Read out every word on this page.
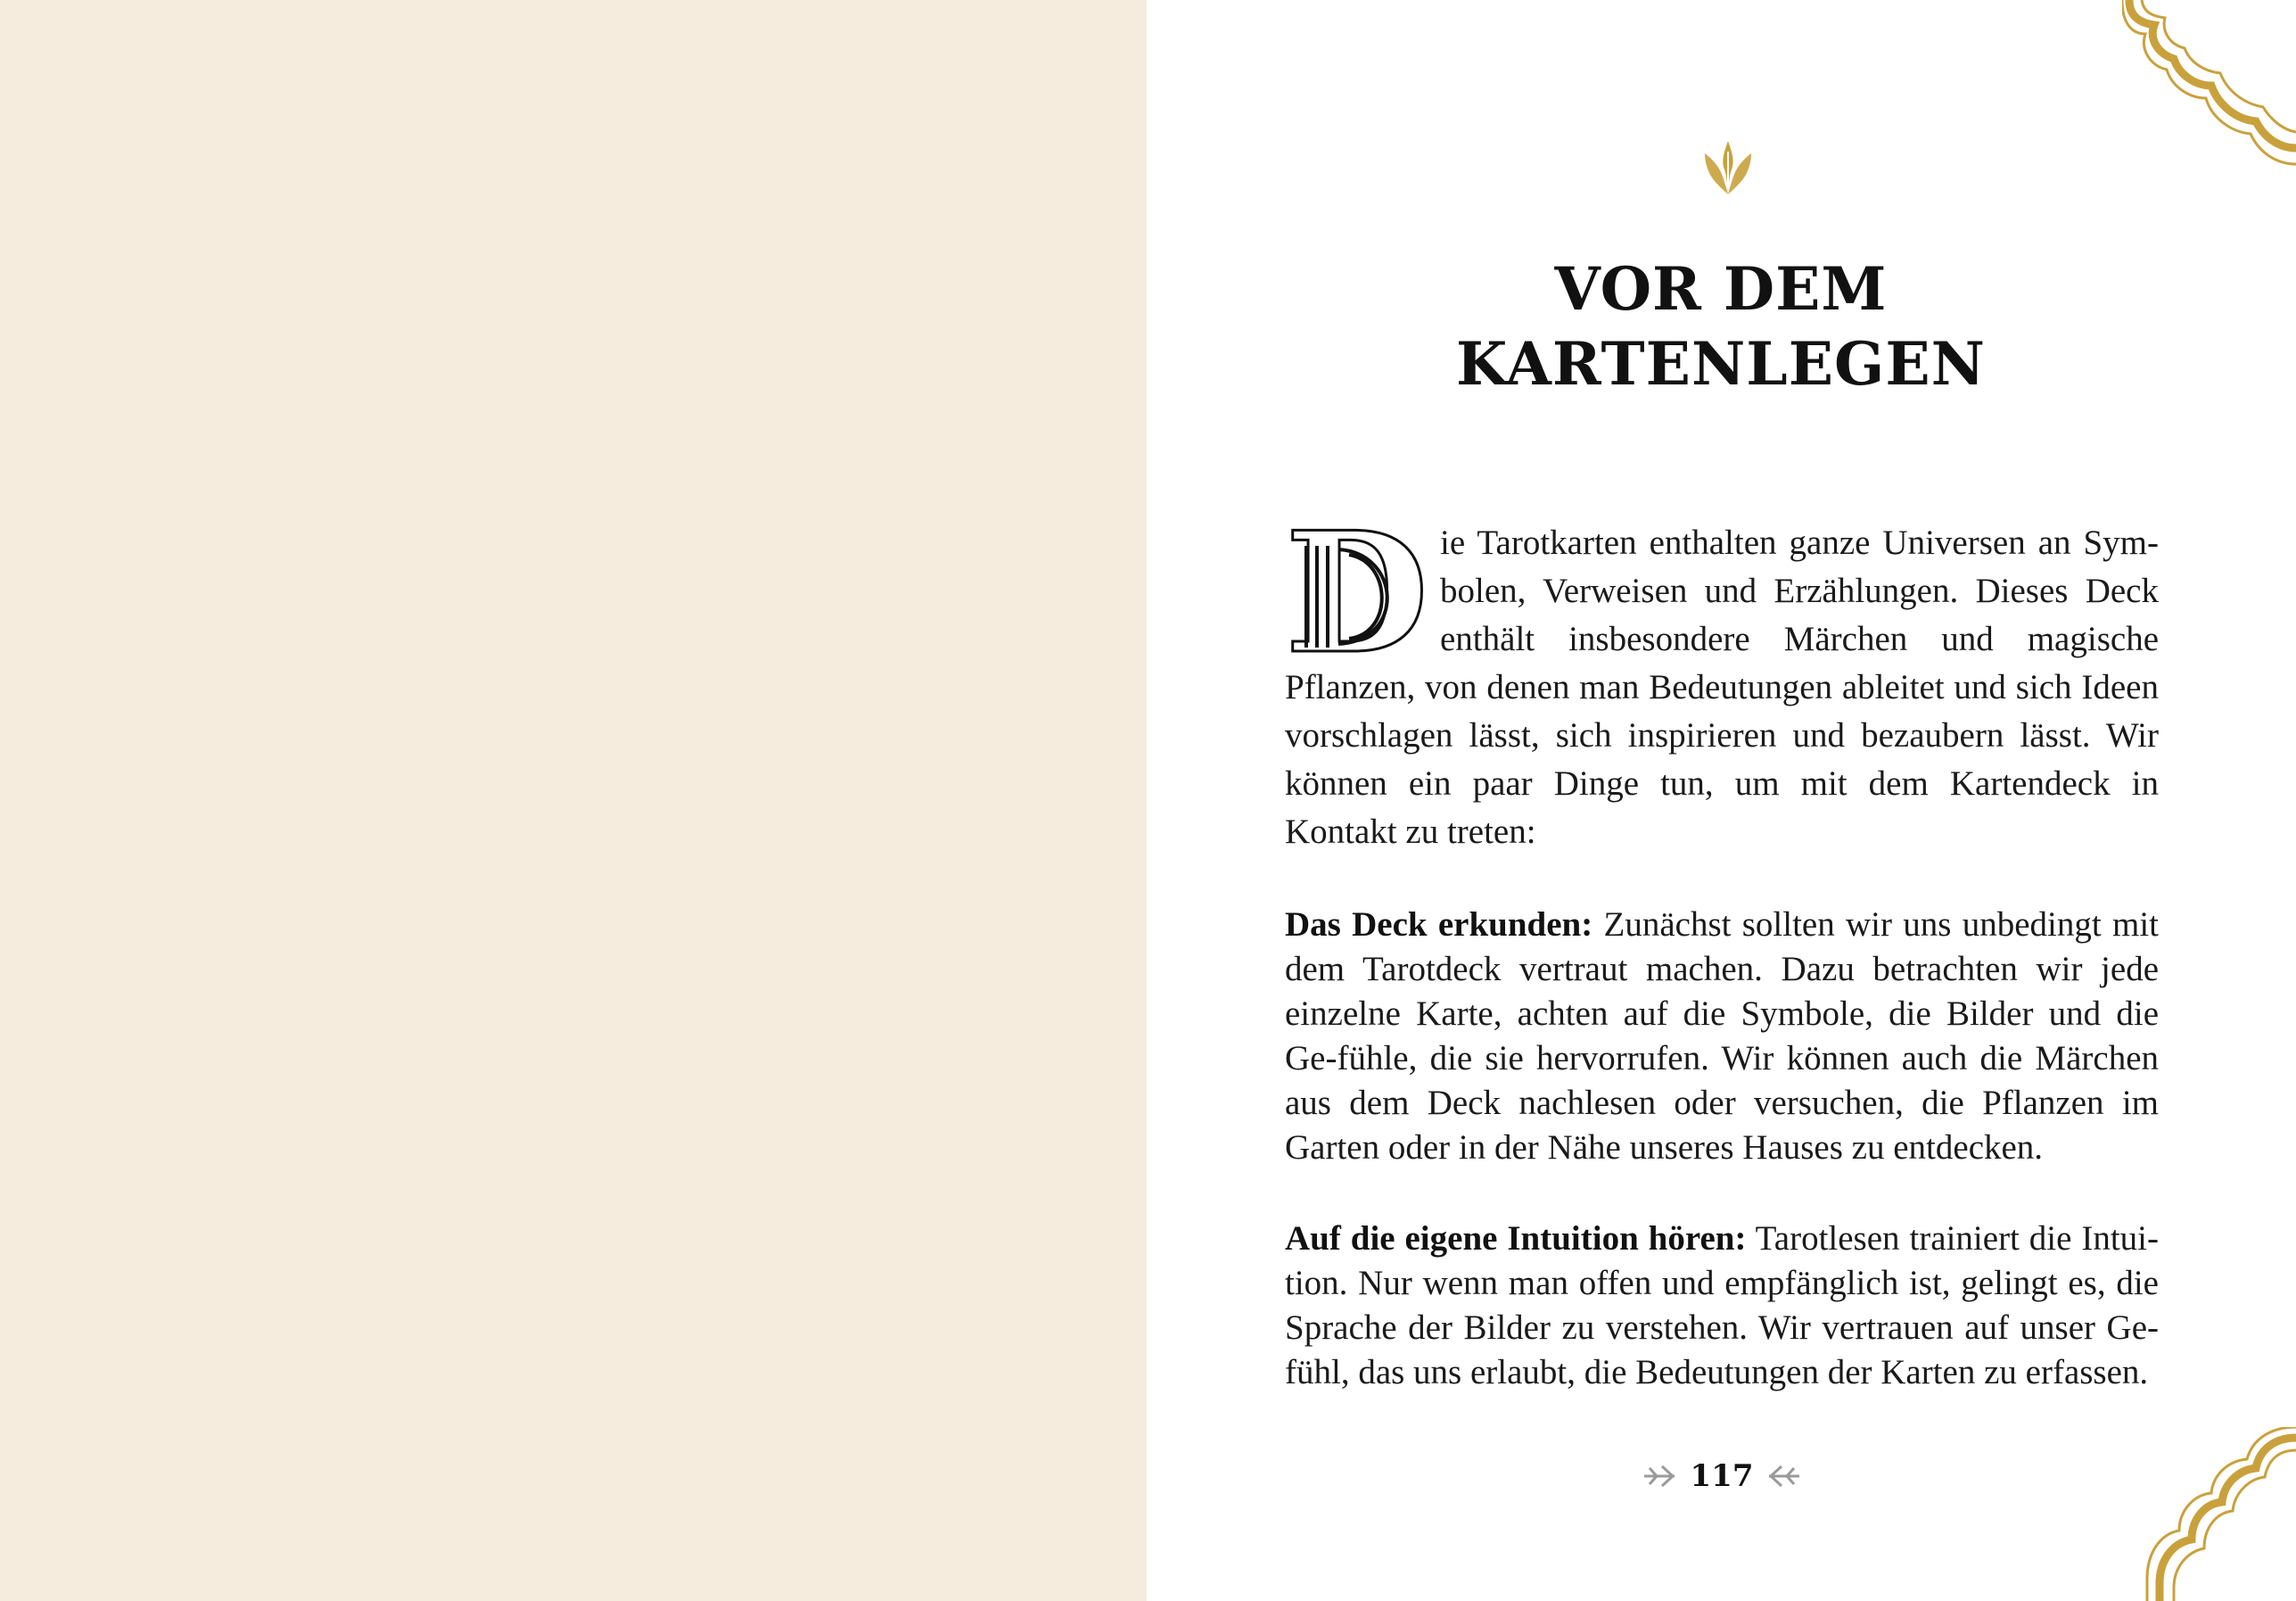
VOR DEM
KARTENLEGEN

D ie Tarotkarten enthalten ganze Universen an Sym-bolen, Verweisen und Erzählungen. Dieses Deck enthält insbesondere Märchen und magische Pflanzen, von denen man Bedeutungen ableitet und sich Ideen vorschlagen lässt, sich inspirieren und bezaubern lässt. Wir können ein paar Dinge tun, um mit dem Kartendeck in Kontakt zu treten:

Das Deck erkunden: Zunächst sollten wir uns unbedingt mit dem Tarotdeck vertraut machen. Dazu betrachten wir jede einzelne Karte, achten auf die Symbole, die Bilder und die Ge-fühle, die sie hervorrufen. Wir können auch die Märchen aus dem Deck nachlesen oder versuchen, die Pflanzen im Garten oder in der Nähe unseres Hauses zu entdecken.

Auf die eigene Intuition hören: Tarotlesen trainiert die Intui-tion. Nur wenn man offen und empfänglich ist, gelingt es, die Sprache der Bilder zu verstehen. Wir vertrauen auf unser Ge-fühl, das uns erlaubt, die Bedeutungen der Karten zu erfassen.

117
